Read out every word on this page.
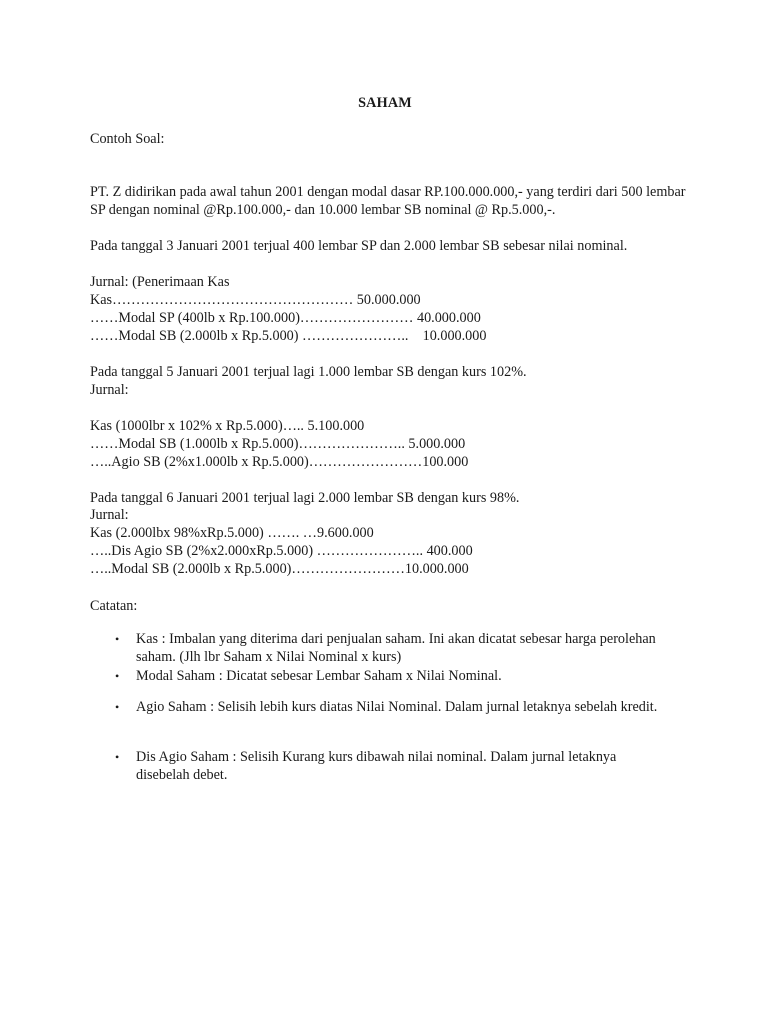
SAHAM
Contoh Soal:
PT. Z didirikan pada awal tahun 2001 dengan modal dasar RP.100.000.000,- yang terdiri dari 500 lembar SP dengan nominal @Rp.100.000,- dan 10.000 lembar SB nominal @ Rp.5.000,-.
Pada tanggal 3 Januari 2001 terjual 400 lembar SP dan 2.000 lembar SB sebesar nilai nominal.
Jurnal: (Penerimaan Kas
Kas…………………………………………… 50.000.000
……Modal SP (400lb x Rp.100.000)…………………… 40.000.000
……Modal SB (2.000lb x Rp.5.000) …………………..    10.000.000
Pada tanggal 5 Januari 2001 terjual lagi 1.000 lembar SB dengan kurs 102%.
Jurnal:
Kas (1000lbr x 102% x Rp.5.000)….. 5.100.000
……Modal SB (1.000lb x Rp.5.000)………………….. 5.000.000
…..Agio SB (2%x1.000lb x Rp.5.000)……………………100.000
Pada tanggal 6 Januari 2001 terjual lagi 2.000 lembar SB dengan kurs 98%.
Jurnal:
Kas (2.000lbx 98%xRp.5.000) ……. …9.600.000
…..Dis Agio SB (2%x2.000xRp.5.000) ………………….. 400.000
…..Modal SB (2.000lb x Rp.5.000)……………………10.000.000
Catatan:
• Kas : Imbalan yang diterima dari penjualan saham. Ini akan dicatat sebesar harga perolehan saham. (Jlh lbr Saham x Nilai Nominal x kurs)
• Modal Saham : Dicatat sebesar Lembar Saham x Nilai Nominal.
• Agio Saham : Selisih lebih kurs diatas Nilai Nominal. Dalam jurnal letaknya sebelah kredit.
• Dis Agio Saham : Selisih Kurang kurs dibawah nilai nominal. Dalam jurnal letaknya disebelah debet.
